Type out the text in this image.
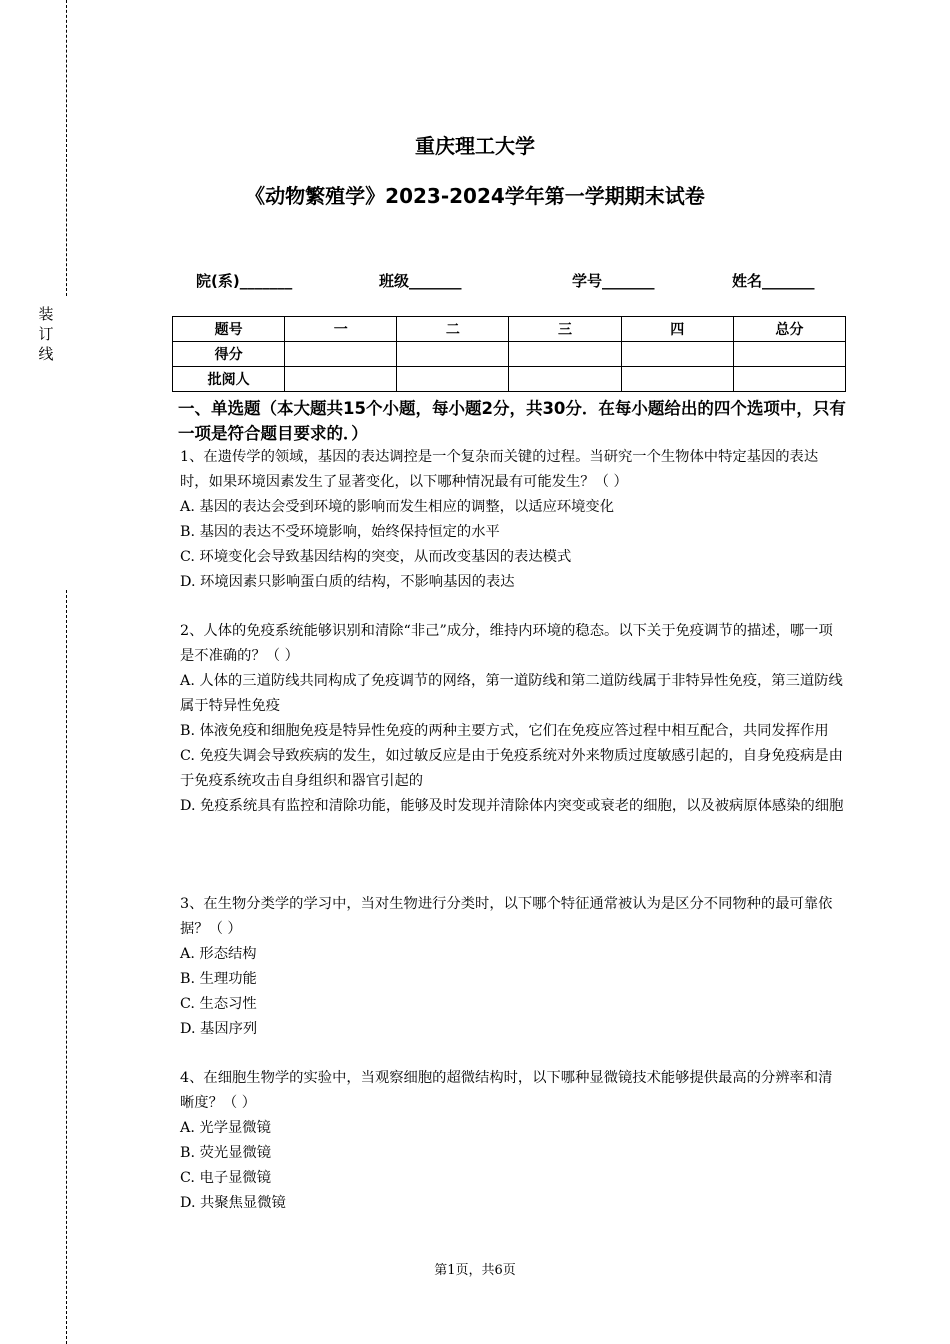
装
订
线
重庆理工大学
《动物繁殖学》2023-2024学年第一学期期末试卷
院(系)_______	班级_______	学号_______	姓名_______
题号	一	二	三	四	总分
得分					
批阅人					
一、单选题（本大题共15个小题，每小题2分，共30分．在每小题给出的四个选项中，只有一项是符合题目要求的．）

1、在遗传学的领域，基因的表达调控是一个复杂而关键的过程。当研究一个生物体中特定基因的表达时，如果环境因素发生了显著变化，以下哪种情况最有可能发生？（ ）

A. 基因的表达会受到环境的影响而发生相应的调整，以适应环境变化

B. 基因的表达不受环境影响，始终保持恒定的水平

C. 环境变化会导致基因结构的突变，从而改变基因的表达模式

D. 环境因素只影响蛋白质的结构，不影响基因的表达

2、人体的免疫系统能够识别和清除“非己”成分，维持内环境的稳态。以下关于免疫调节的描述，哪一项是不准确的？（ ）

A. 人体的三道防线共同构成了免疫调节的网络，第一道防线和第二道防线属于非特异性免疫，第三道防线属于特异性免疫

B. 体液免疫和细胞免疫是特异性免疫的两种主要方式，它们在免疫应答过程中相互配合，共同发挥作用

C. 免疫失调会导致疾病的发生，如过敏反应是由于免疫系统对外来物质过度敏感引起的，自身免疫病是由于免疫系统攻击自身组织和器官引起的

D. 免疫系统具有监控和清除功能，能够及时发现并清除体内突变或衰老的细胞，以及被病原体感染的细胞

3、在生物分类学的学习中，当对生物进行分类时，以下哪个特征通常被认为是区分不同物种的最可靠依据？（ ）

A. 形态结构

B. 生理功能

C. 生态习性

D. 基因序列

4、在细胞生物学的实验中，当观察细胞的超微结构时，以下哪种显微镜技术能够提供最高的分辨率和清晰度？（ ）

A. 光学显微镜

B. 荧光显微镜

C. 电子显微镜

D. 共聚焦显微镜

第1页，共6页
